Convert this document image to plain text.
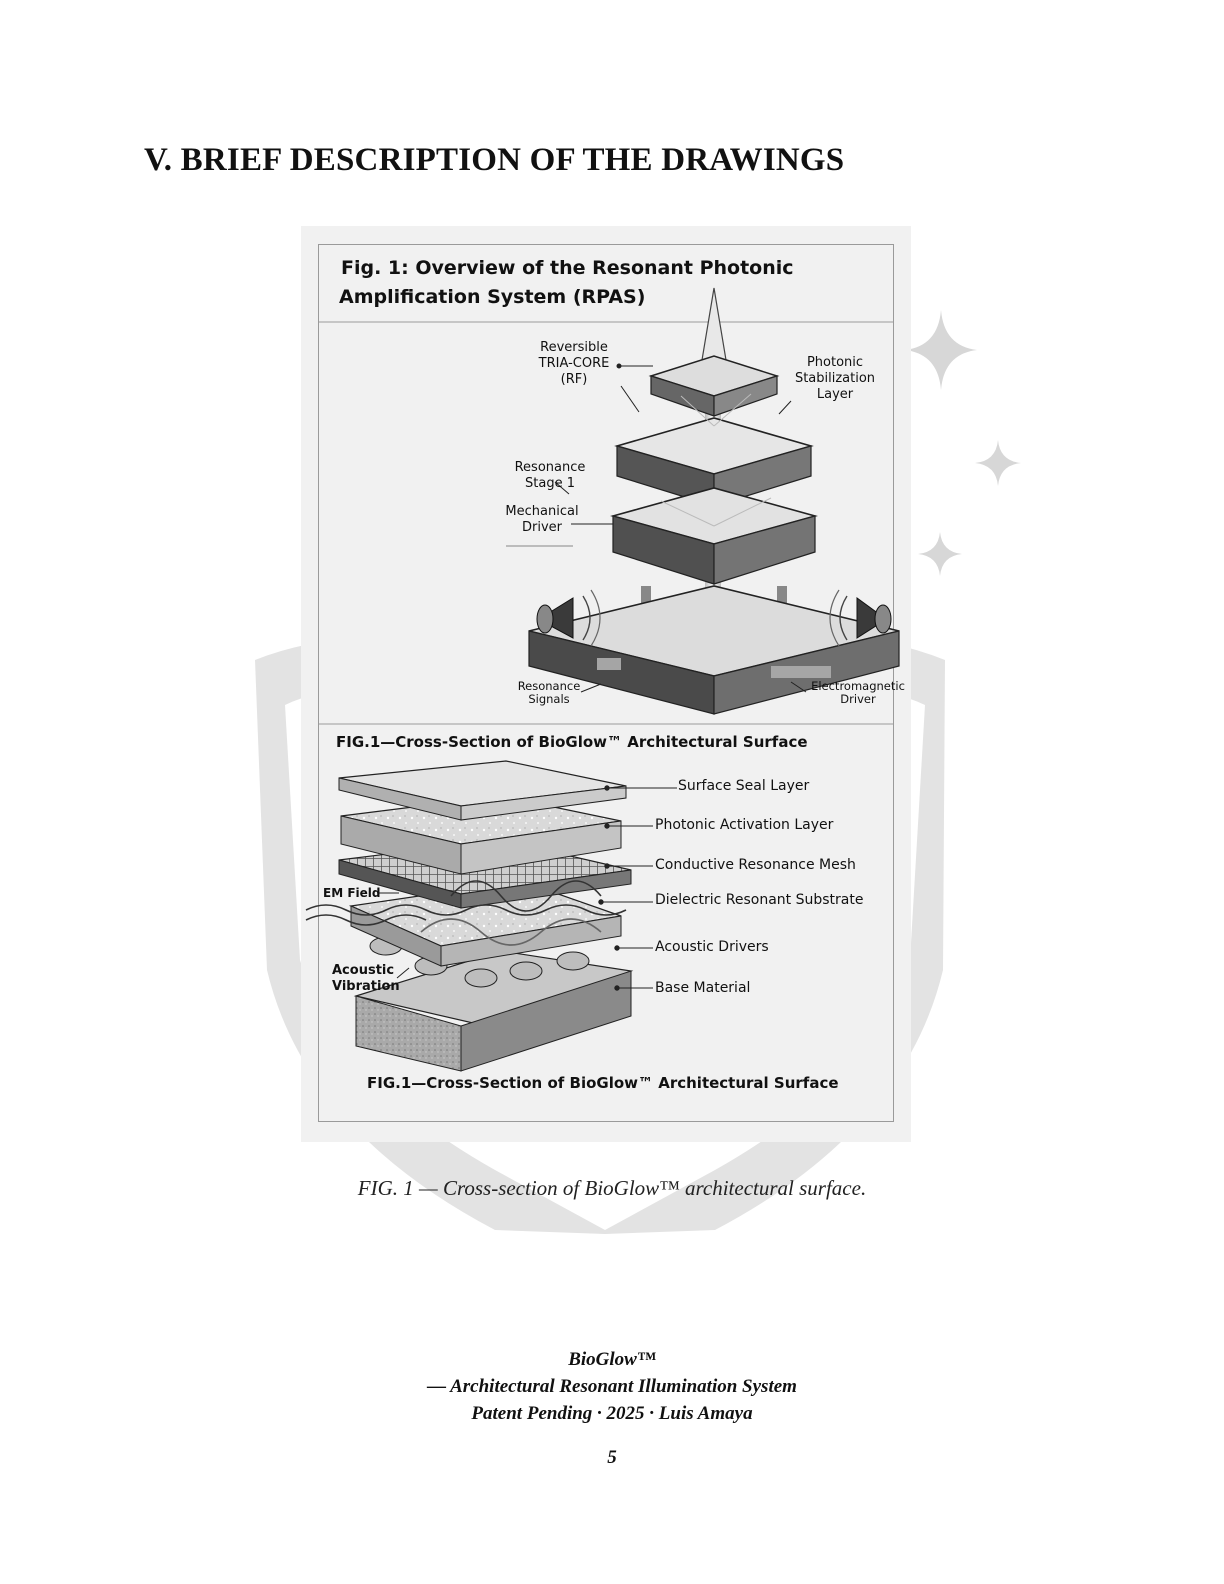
V. BRIEF DESCRIPTION OF THE DRAWINGS
Fig. 1: Overview of the Resonant Photonic
Amplification System (RPAS)
Reversible
TRIA-CORE
(RF)
Photonic
Stabilization
Layer
Resonance
Stage 1
Mechanical
Driver
Resonance
Signals
Electromagnetic
Driver
FIG.1—Cross-Section of BioGlow™ Architectural Surface
Surface Seal Layer
Photonic Activation Layer
Conductive Resonance Mesh
Dielectric Resonant Substrate
Acoustic Drivers
Base Material
EM Field
Acoustic
Vibration
FIG.1—Cross-Section of BioGlow™ Architectural Surface
FIG. 1 — Cross-section of BioGlow™ architectural surface.
BioGlow™
— Architectural Resonant Illumination System
Patent Pending · 2025 · Luis Amaya
5
